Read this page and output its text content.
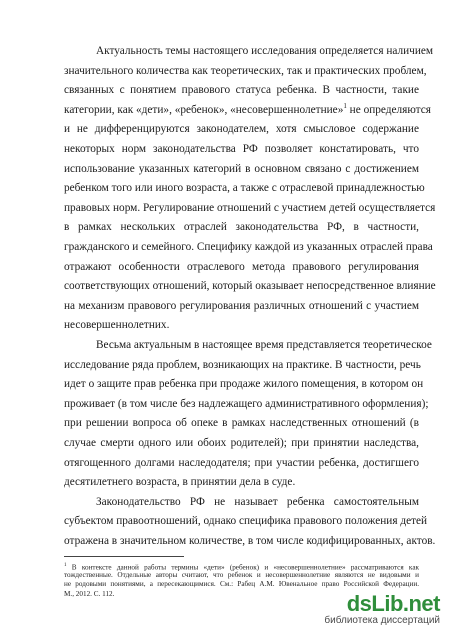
Актуальность темы настоящего исследования определяется наличием
значительного количества как теоретических, так и практических проблем,
связанных с понятием правового статуса ребенка. В частности, такие
категории, как «дети», «ребенок», «несовершеннолетние»$^1$ не определяются
и не дифференцируются законодателем, хотя смысловое содержание
некоторых норм законодательства РФ позволяет констатировать, что
использование указанных категорий в основном связано с достижением
ребенком того или иного возраста, а также с отраслевой принадлежностью
правовых норм. Регулирование отношений с участием детей осуществляется
в рамках нескольких отраслей законодательства РФ, в частности,
гражданского и семейного. Специфику каждой из указанных отраслей права
отражают особенности отраслевого метода правового регулирования
соответствующих отношений, который оказывает непосредственное влияние
на механизм правового регулирования различных отношений с участием
несовершеннолетних.
Весьма актуальным в настоящее время представляется теоретическое
исследование ряда проблем, возникающих на практике. В частности, речь
идет о защите прав ребенка при продаже жилого помещения, в котором он
проживает (в том числе без надлежащего административного оформления);
при решении вопроса об опеке в рамках наследственных отношений (в
случае смерти одного или обоих родителей); при принятии наследства,
отягощенного долгами наследодателя; при участии ребенка, достигшего
десятилетнего возраста, в принятии дела в суде.
Законодательство РФ не называет ребенка самостоятельным
субъектом правоотношений, однако специфика правового положения детей
отражена в значительном количестве, в том числе кодифицированных, актов.
$^1$ В контексте данной работы термины «дети» (ребенок) и «несовершеннолетние» рассматриваются как
тождественные. Отдельные авторы считают, что ребенок и несовершеннолетние являются не видовыми и
не родовыми понятиями, а пересекающимися. См.: Рабец А.М. Ювенальное право Российской Федерации.
М., 2012. С. 112.	dsLib.net
библиотека диссертаций
